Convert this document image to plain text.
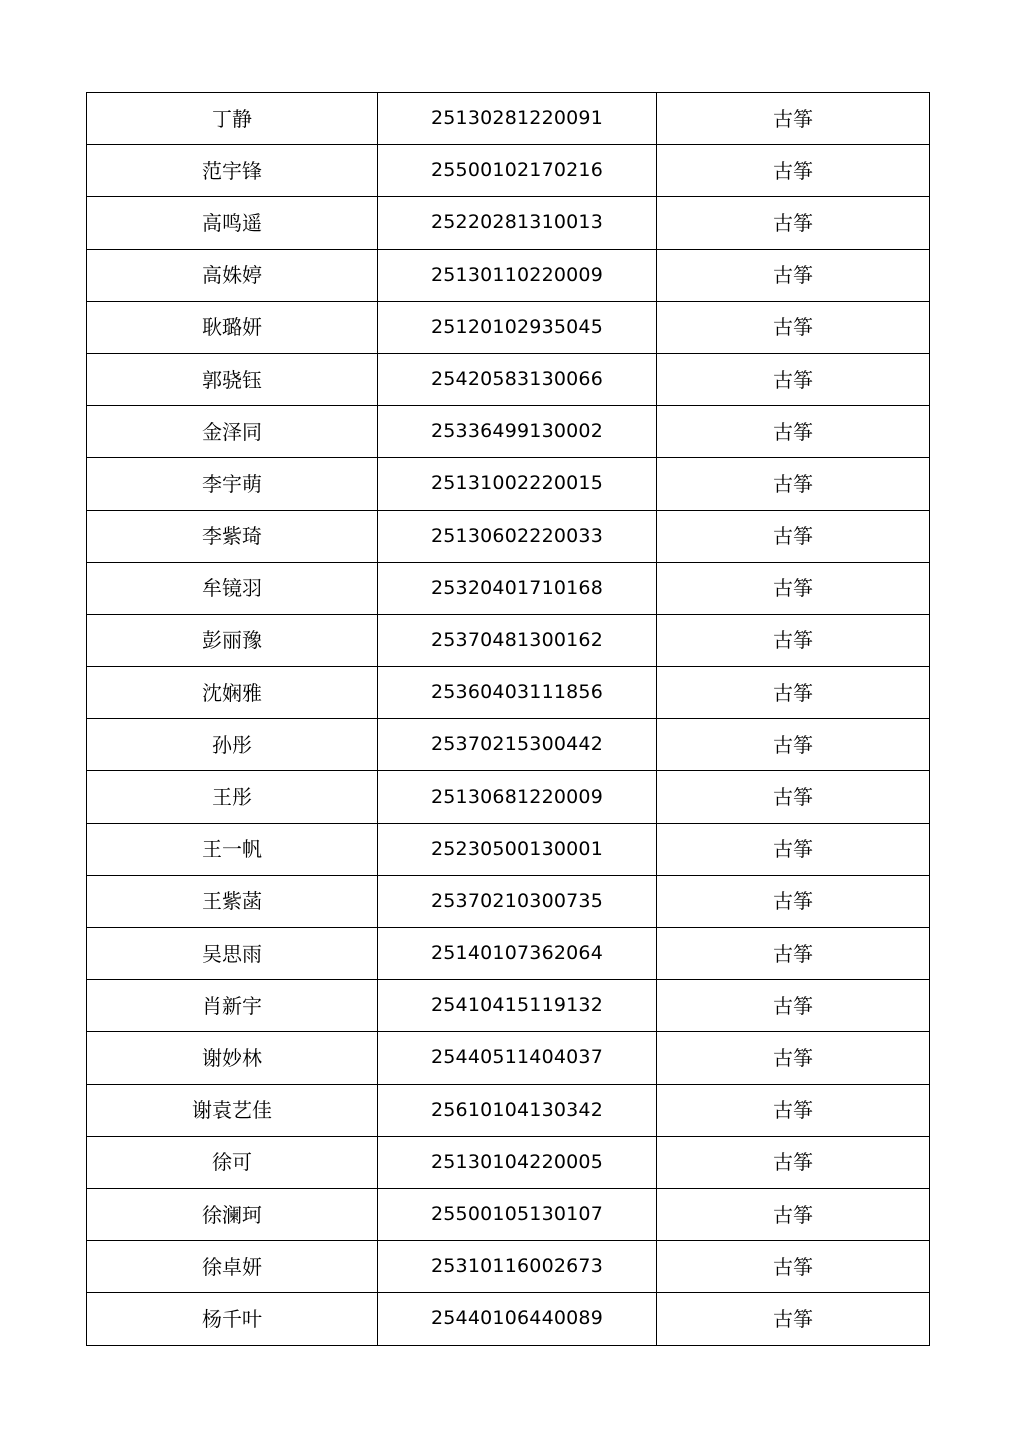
丁静	25130281220091	古筝
范宇锋	25500102170216	古筝
高鸣遥	25220281310013	古筝
高姝婷	25130110220009	古筝
耿璐妍	25120102935045	古筝
郭骁钰	25420583130066	古筝
金泽同	25336499130002	古筝
李宇萌	25131002220015	古筝
李紫琦	25130602220033	古筝
牟镜羽	25320401710168	古筝
彭丽豫	25370481300162	古筝
沈娴雅	25360403111856	古筝
孙彤	25370215300442	古筝
王彤	25130681220009	古筝
王一帆	25230500130001	古筝
王紫菡	25370210300735	古筝
吴思雨	25140107362064	古筝
肖新宇	25410415119132	古筝
谢妙林	25440511404037	古筝
谢袁艺佳	25610104130342	古筝
徐可	25130104220005	古筝
徐澜珂	25500105130107	古筝
徐卓妍	25310116002673	古筝
杨千叶	25440106440089	古筝
